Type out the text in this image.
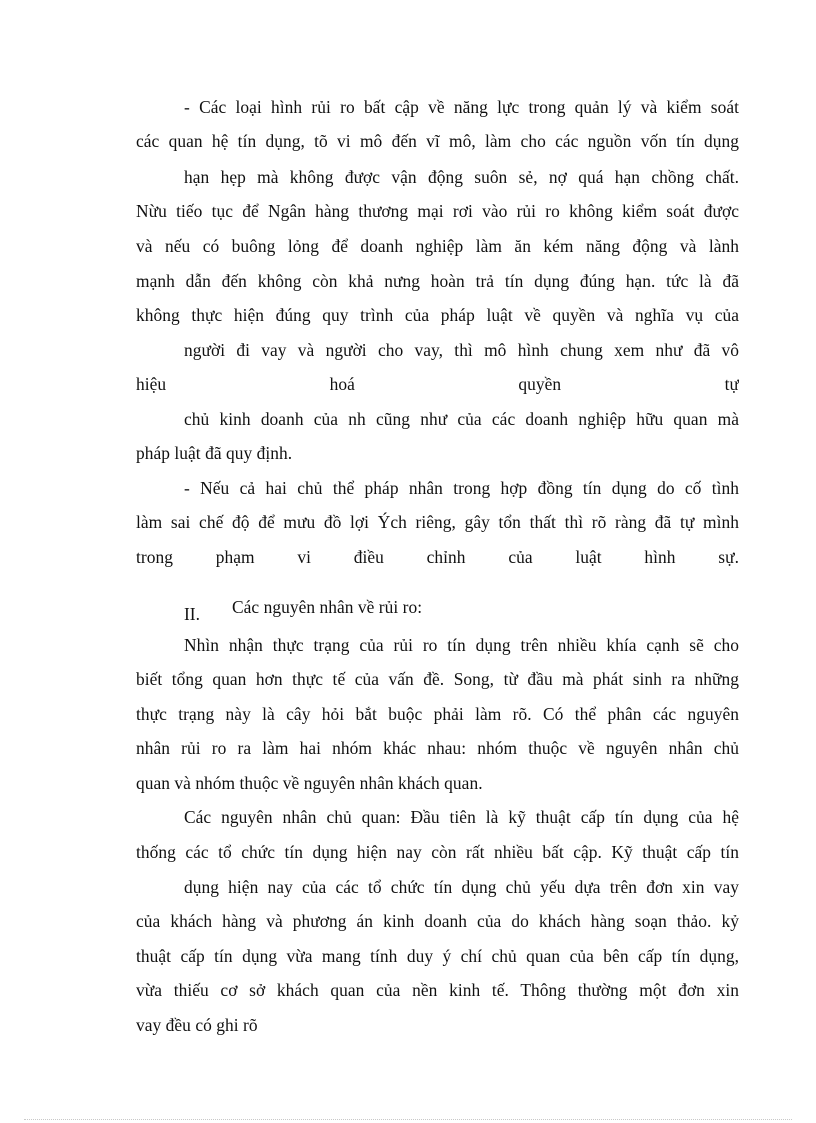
- Các loại hình rủi ro bất cập về năng lực trong quản lý và kiểm soát
các quan hệ tín dụng, tõ vi mô đến vĩ mô, làm cho các nguồn vốn tín dụng
hạn hẹp mà không được vận động suôn sẻ, nợ quá hạn chồng chất.
Nừu tiếo tục để Ngân hàng thương mại rơi vào rủi ro không kiểm soát được
và nếu có buông lỏng để doanh nghiệp làm ăn kém năng động và lành
mạnh dẫn đến không còn khả nưng hoàn trả tín dụng đúng hạn. tức là đã
không thực hiện đúng quy trình của pháp luật về quyền và nghĩa vụ của
người đi vay và người cho vay, thì mô hình chung xem như đã vô
hiệu hoá quyền tự
chủ kinh doanh của nh cũng như của các doanh nghiệp hữu quan mà
pháp luật đã quy định.
- Nếu cả hai chủ thể pháp nhân trong hợp đồng tín dụng do cố tình
làm sai chế độ để mưu đồ lợi Ých riêng, gây tổn thất thì rõ ràng đã tự mình
trong phạm vi điều chỉnh của luật hình sự.
II. Các nguyên nhân về rủi ro:
Nhìn nhận thực trạng của rủi ro tín dụng trên nhiều khía cạnh sẽ cho
biết tổng quan hơn thực tế của vấn đề. Song, từ đầu mà phát sinh ra những
thực trạng này là cây hỏi bắt buộc phải làm rõ. Có thể phân các nguyên
nhân rủi ro ra làm hai nhóm khác nhau: nhóm thuộc về nguyên nhân chủ
quan và nhóm thuộc về nguyên nhân khách quan.
Các nguyên nhân chủ quan: Đầu tiên là kỹ thuật cấp tín dụng của hệ
thống các tổ chức tín dụng hiện nay còn rất nhiều bất cập. Kỹ thuật cấp tín
dụng hiện nay của các tổ chức tín dụng chủ yếu dựa trên đơn xin vay
của khách hàng và phương án kinh doanh của do khách hàng soạn thảo. kỷ
thuật cấp tín dụng vừa mang tính duy ý chí chủ quan của bên cấp tín dụng,
vừa thiếu cơ sở khách quan của nền kinh tế. Thông thường một đơn xin
vay đều có ghi rõ
